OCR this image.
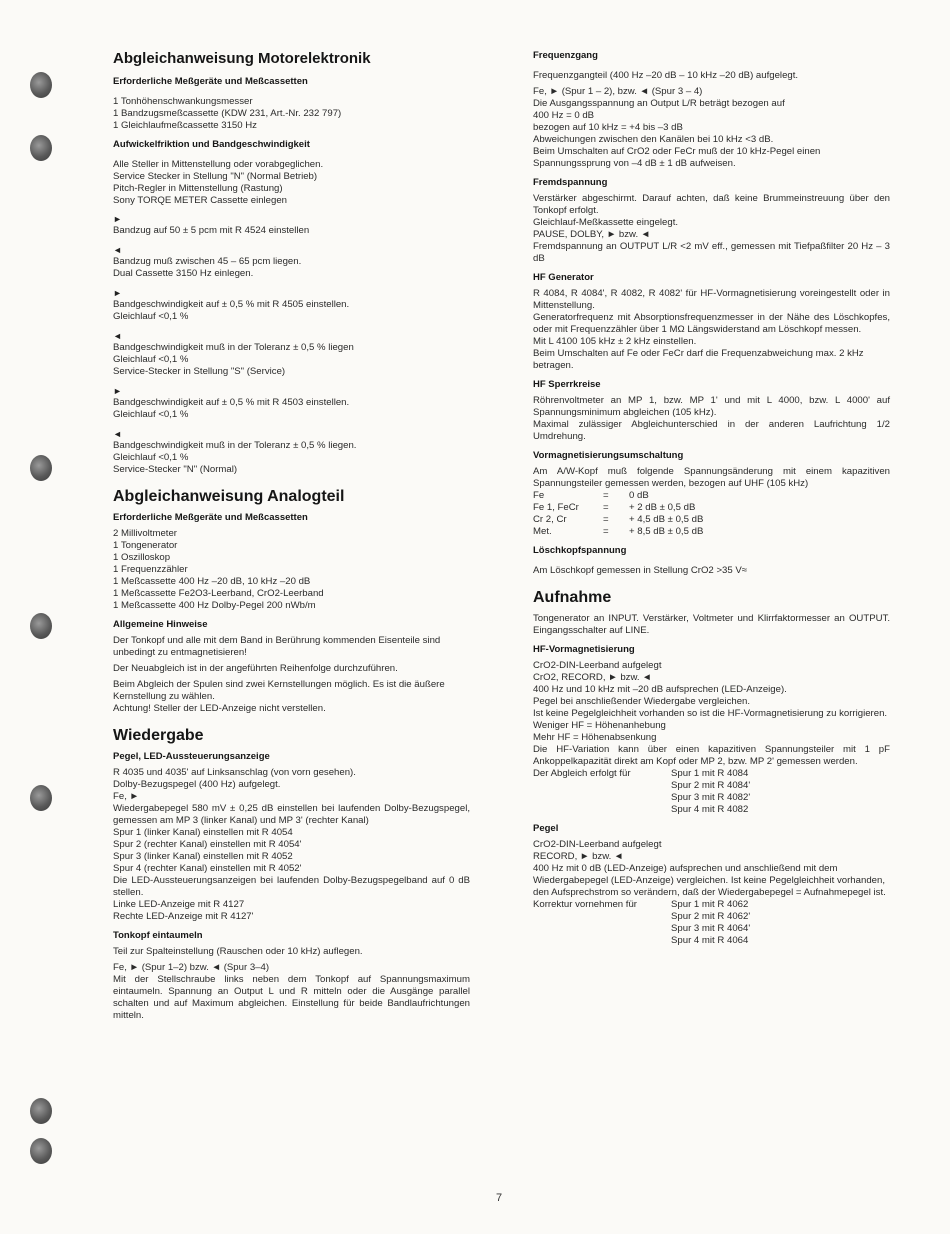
Abgleichanweisung Motorelektronik
Erforderliche Meßgeräte und Meßcassetten
1 Tonhöhenschwankungsmesser
1 Bandzugsmeßcassette (KDW 231, Art.-Nr. 232 797)
1 Gleichlaufmeßcassette 3150 Hz
Aufwickelfriktion und Bandgeschwindigkeit
Alle Steller in Mittenstellung oder vorabgeglichen.
Service Stecker in Stellung "N" (Normal Betrieb)
Pitch-Regler in Mittenstellung (Rastung)
Sony TORQE METER Cassette einlegen
►
Bandzug auf 50 ± 5 pcm mit R 4524 einstellen
◄
Bandzug muß zwischen 45 – 65 pcm liegen.
Dual Cassette 3150 Hz einlegen.
►
Bandgeschwindigkeit auf ± 0,5 % mit R 4505 einstellen.
Gleichlauf <0,1 %
◄
Bandgeschwindigkeit muß in der Toleranz ± 0,5 % liegen
Gleichlauf <0,1 %
Service-Stecker in Stellung "S" (Service)
►
Bandgeschwindigkeit auf ± 0,5 % mit R 4503 einstellen.
Gleichlauf <0,1 %
◄
Bandgeschwindigkeit muß in der Toleranz ± 0,5 % liegen.
Gleichlauf <0,1 %
Service-Stecker "N" (Normal)
Abgleichanweisung Analogteil
Erforderliche Meßgeräte und Meßcassetten
2 Millivoltmeter
1 Tongenerator
1 Oszilloskop
1 Frequenzzähler
1 Meßcassette 400 Hz –20 dB, 10 kHz –20 dB
1 Meßcassette Fe2O3-Leerband, CrO2-Leerband
1 Meßcassette 400 Hz Dolby-Pegel 200 nWb/m
Allgemeine Hinweise

Der Tonkopf und alle mit dem Band in Berührung kommenden Eisenteile sind unbedingt zu entmagnetisieren!

Der Neuabgleich ist in der angeführten Reihenfolge durchzuführen.

Beim Abgleich der Spulen sind zwei Kernstellungen möglich. Es ist die äußere Kernstellung zu wählen.

Achtung! Steller der LED-Anzeige nicht verstellen.

Wiedergabe
Pegel, LED-Aussteuerungsanzeige
R 4035 und 4035' auf Linksanschlag (von vorn gesehen).
Dolby-Bezugspegel (400 Hz) aufgelegt.
Fe, ►

Wiedergabepegel 580 mV ± 0,25 dB einstellen bei laufenden Dolby-Bezugspegel, gemessen am MP 3 (linker Kanal) und MP 3' (rechter Kanal)

Spur 1 (linker Kanal) einstellen mit R 4054
Spur 2 (rechter Kanal) einstellen mit R 4054'
Spur 3 (linker Kanal) einstellen mit R 4052
Spur 4 (rechter Kanal) einstellen mit R 4052'

Die LED-Aussteuerungsanzeigen bei laufenden Dolby-Bezugspegelband auf 0 dB stellen.

Linke LED-Anzeige mit R 4127
Rechte LED-Anzeige mit R 4127'
Tonkopf eintaumeln
Teil zur Spalteinstellung (Rauschen oder 10 kHz) auflegen.
Fe, ► (Spur 1–2) bzw. ◄ (Spur 3–4)

Mit der Stellschraube links neben dem Tonkopf auf Spannungsmaximum eintaumeln. Spannung an Output L und R mitteln oder die Ausgänge parallel schalten und auf Maximum abgleichen. Einstellung für beide Bandlaufrichtungen mitteln.

Frequenzgang
Frequenzgangteil (400 Hz –20 dB – 10 kHz –20 dB) aufgelegt.
Fe, ► (Spur 1 – 2), bzw. ◄ (Spur 3 – 4)
Die Ausgangsspannung an Output L/R beträgt bezogen auf
400 Hz = 0 dB
bezogen auf 10 kHz = +4 bis –3 dB
Abweichungen zwischen den Kanälen bei 10 kHz <3 dB.
Beim Umschalten auf CrO2 oder FeCr muß der 10 kHz-Pegel einen
Spannungssprung von –4 dB ± 1 dB aufweisen.
Fremdspannung

Verstärker abgeschirmt. Darauf achten, daß keine Brummeinstreuung über den Tonkopf erfolgt.

Gleichlauf-Meßkassette eingelegt.
PAUSE, DOLBY, ► bzw. ◄

Fremdspannung an OUTPUT L/R <2 mV eff., gemessen mit Tiefpaßfilter 20 Hz – 3 dB

HF Generator

R 4084, R 4084', R 4082, R 4082' für HF-Vormagnetisierung voreingestellt oder in Mittenstellung.

Generatorfrequenz mit Absorptionsfrequenzmesser in der Nähe des Löschkopfes, oder mit Frequenzzähler über 1 MΩ Längswiderstand am Löschkopf messen.

Mit L 4100 105 kHz ± 2 kHz einstellen.

Beim Umschalten auf Fe oder FeCr darf die Frequenzabweichung max. 2 kHz betragen.

HF Sperrkreise

Röhrenvoltmeter an MP 1, bzw. MP 1' und mit L 4000, bzw. L 4000' auf Spannungsminimum abgleichen (105 kHz).

Maximal zulässiger Abgleichunterschied in der anderen Laufrichtung 1/2 Umdrehung.

Vormagnetisierungsumschaltung

Am A/W-Kopf muß folgende Spannungsänderung mit einem kapazitiven Spannungsteiler gemessen werden, bezogen auf UHF (105 kHz)

Fe	=	0 dB
Fe 1, FeCr	=	+ 2 dB ± 0,5 dB
Cr 2, Cr	=	+ 4,5 dB ± 0,5 dB
Met.	=	+ 8,5 dB ± 0,5 dB
Löschkopfspannung
Am Löschkopf gemessen in Stellung CrO2 >35 V≈
Aufnahme

Tongenerator an INPUT. Verstärker, Voltmeter und Klirrfaktormesser an OUTPUT. Eingangsschalter auf LINE.

HF-Vormagnetisierung
CrO2-DIN-Leerband aufgelegt
CrO2, RECORD, ► bzw. ◄
400 Hz und 10 kHz mit –20 dB aufsprechen (LED-Anzeige).
Pegel bei anschließender Wiedergabe vergleichen.

Ist keine Pegelgleichheit vorhanden so ist die HF-Vormagnetisierung zu korrigieren.

Weniger HF = Höhenanhebung
Mehr HF = Höhenabsenkung

Die HF-Variation kann über einen kapazitiven Spannungsteiler mit 1 pF Ankoppelkapazität direkt am Kopf oder MP 2, bzw. MP 2' gemessen werden.

Der Abgleich erfolgt für	Spur 1 mit R 4084
Spur 2 mit R 4084'
Spur 3 mit R 4082'
Spur 4 mit R 4082
Pegel
CrO2-DIN-Leerband aufgelegt
RECORD, ► bzw. ◄

400 Hz mit 0 dB (LED-Anzeige) aufsprechen und anschließend mit dem Wiedergabepegel (LED-Anzeige) vergleichen. Ist keine Pegelgleichheit vorhanden, den Aufsprechstrom so verändern, daß der Wiedergabepegel = Aufnahmepegel ist.

Korrektur vornehmen für	Spur 1 mit R 4062
Spur 2 mit R 4062'
Spur 3 mit R 4064'
Spur 4 mit R 4064
7
